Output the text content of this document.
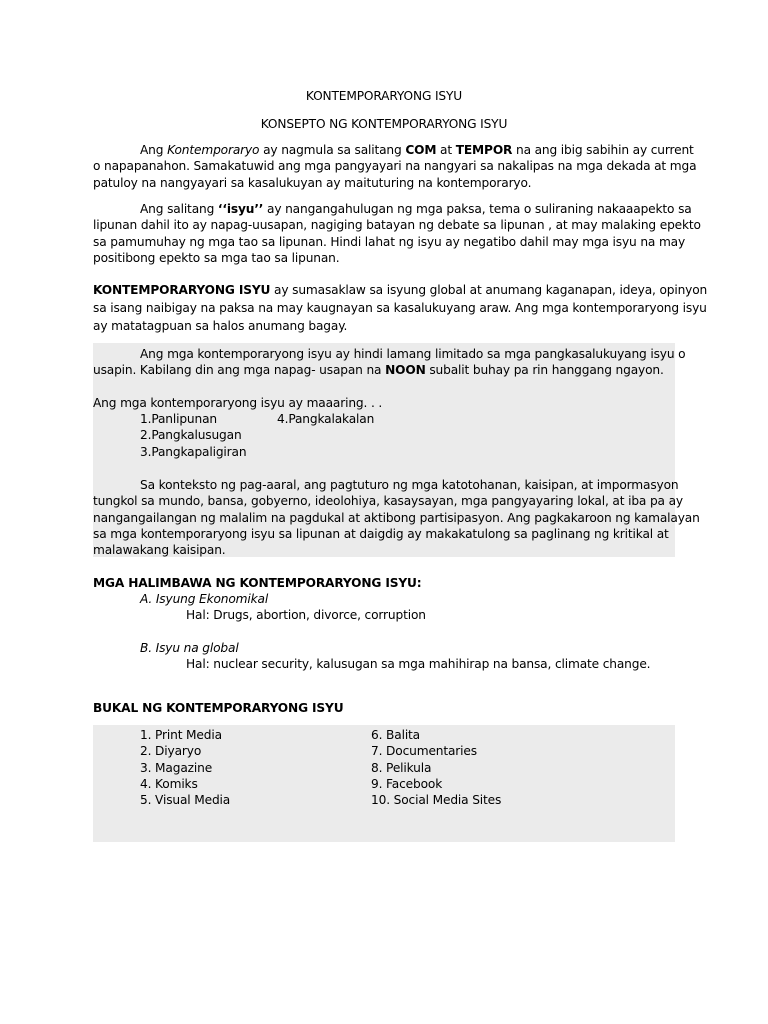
KONTEMPORARYONG ISYU
KONSEPTO NG KONTEMPORARYONG ISYU
Ang Kontemporaryo ay nagmula sa salitang COM at TEMPOR na ang ibig sabihin ay current
o napapanahon. Samakatuwid ang mga pangyayari na nangyari sa nakalipas na mga dekada at mga
patuloy na nangyayari sa kasalukuyan ay maituturing na kontemporaryo.
Ang salitang ‘‘isyu’’ ay nangangahulugan ng mga paksa, tema o suliraning nakaaapekto sa
lipunan dahil ito ay napag-uusapan, nagiging batayan ng debate sa lipunan , at may malaking epekto
sa pamumuhay ng mga tao sa lipunan. Hindi lahat ng isyu ay negatibo dahil may mga isyu na may
positibong epekto sa mga tao sa lipunan.
KONTEMPORARYONG ISYU ay sumasaklaw sa isyung global at anumang kaganapan, ideya, opinyon
sa isang naibigay na paksa na may kaugnayan sa kasalukuyang araw. Ang mga kontemporaryong isyu
ay matatagpuan sa halos anumang bagay.
Ang mga kontemporaryong isyu ay hindi lamang limitado sa mga pangkasalukuyang isyu o
usapin. Kabilang din ang mga napag- usapan na NOON subalit buhay pa rin hanggang ngayon.
Ang mga kontemporaryong isyu ay maaaring. . .
1.Panlipunan	4.Pangkalakalan
2.Pangkalusugan
3.Pangkapaligiran
Sa konteksto ng pag-aaral, ang pagtuturo ng mga katotohanan, kaisipan, at impormasyon
tungkol sa mundo, bansa, gobyerno, ideolohiya, kasaysayan, mga pangyayaring lokal, at iba pa ay
nangangailangan ng malalim na pagdukal at aktibong partisipasyon. Ang pagkakaroon ng kamalayan
sa mga kontemporaryong isyu sa lipunan at daigdig ay makakatulong sa paglinang ng kritikal at
malawakang kaisipan.
MGA HALIMBAWA NG KONTEMPORARYONG ISYU:
A. Isyung Ekonomikal
Hal: Drugs, abortion, divorce, corruption
B. Isyu na global
Hal: nuclear security, kalusugan sa mga mahihirap na bansa, climate change.
BUKAL NG KONTEMPORARYONG ISYU
1. Print Media
2. Diyaryo
3. Magazine
4. Komiks
5. Visual Media
6. Balita
7. Documentaries
8. Pelikula
9. Facebook
10. Social Media Sites
